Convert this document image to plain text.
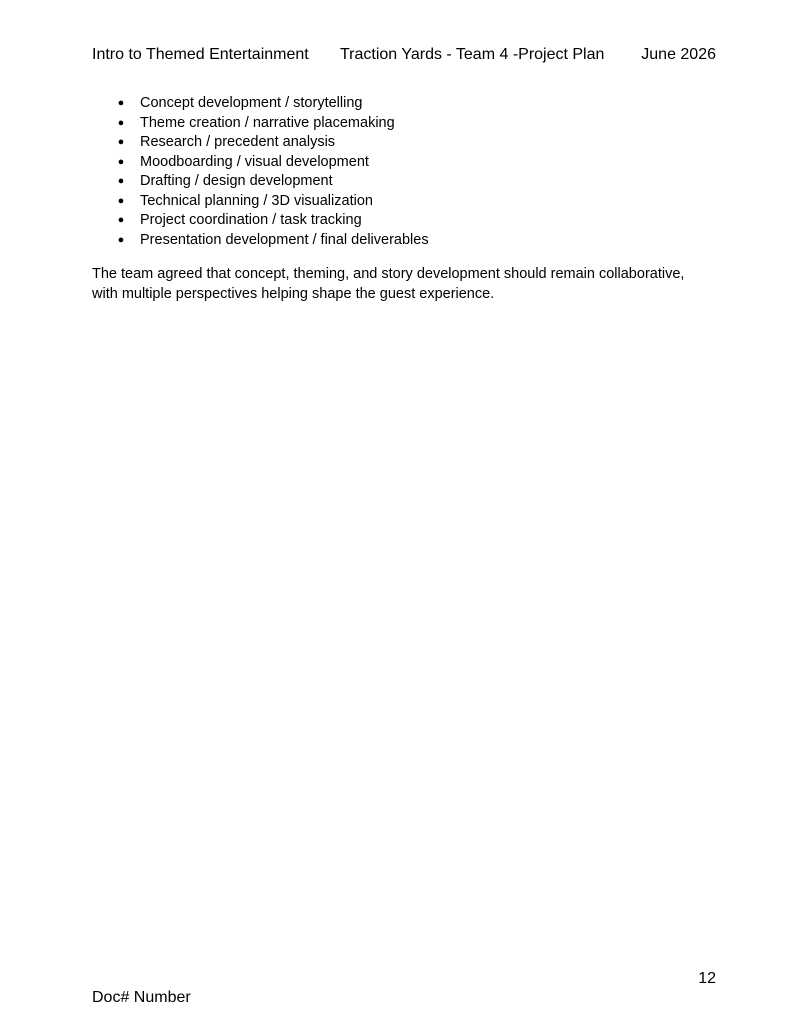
Intro to Themed Entertainment Traction Yards - Team 4 -Project Plan June 2026
● Concept development / storytelling
● Theme creation / narrative placemaking
● Research / precedent analysis
● Moodboarding / visual development
● Drafting / design development
● Technical planning / 3D visualization
● Project coordination / task tracking
● Presentation development / final deliverables

The team agreed that concept, theming, and story development should remain collaborative,
with multiple perspectives helping shape the guest experience.

12
Doc# Number
